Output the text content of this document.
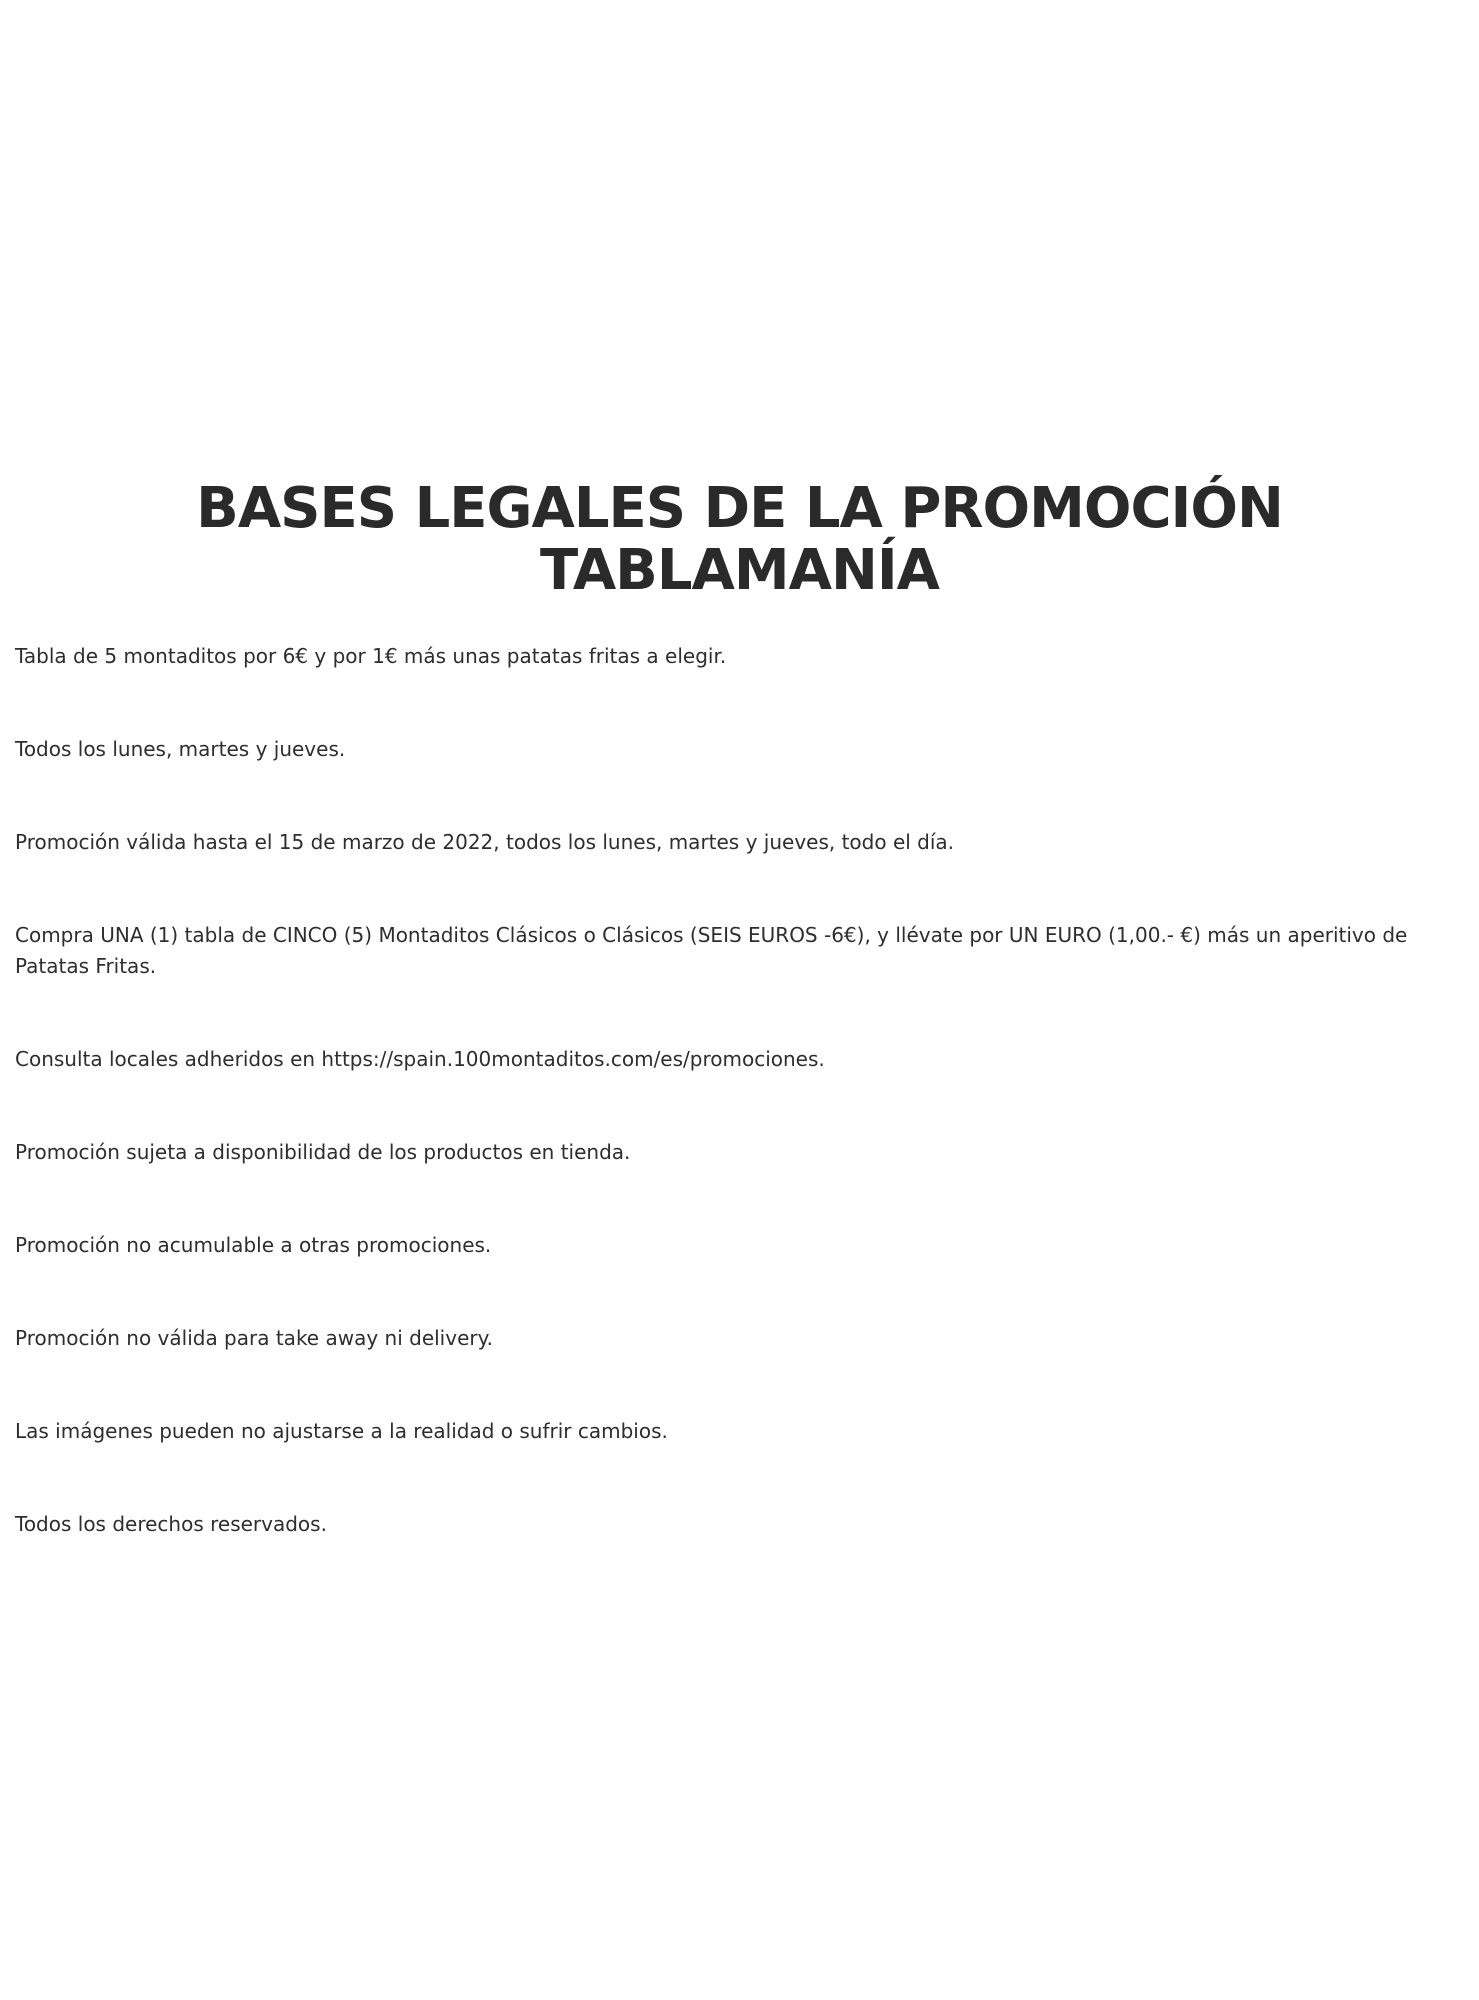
BASES LEGALES DE LA PROMOCIÓN
TABLAMANÍA

Tabla de 5 montaditos por 6€ y por 1€ más unas patatas fritas a elegir.

Todos los lunes, martes y jueves.

Promoción válida hasta el 15 de marzo de 2022, todos los lunes, martes y jueves, todo el día.

Compra UNA (1) tabla de CINCO (5) Montaditos Clásicos o Clásicos (SEIS EUROS -6€), y llévate por UN EURO (1,00.- €) más un aperitivo de Patatas Fritas.

Consulta locales adheridos en https://spain.100montaditos.com/es/promociones.

Promoción sujeta a disponibilidad de los productos en tienda.

Promoción no acumulable a otras promociones.

Promoción no válida para take away ni delivery.

Las imágenes pueden no ajustarse a la realidad o sufrir cambios.

Todos los derechos reservados.
